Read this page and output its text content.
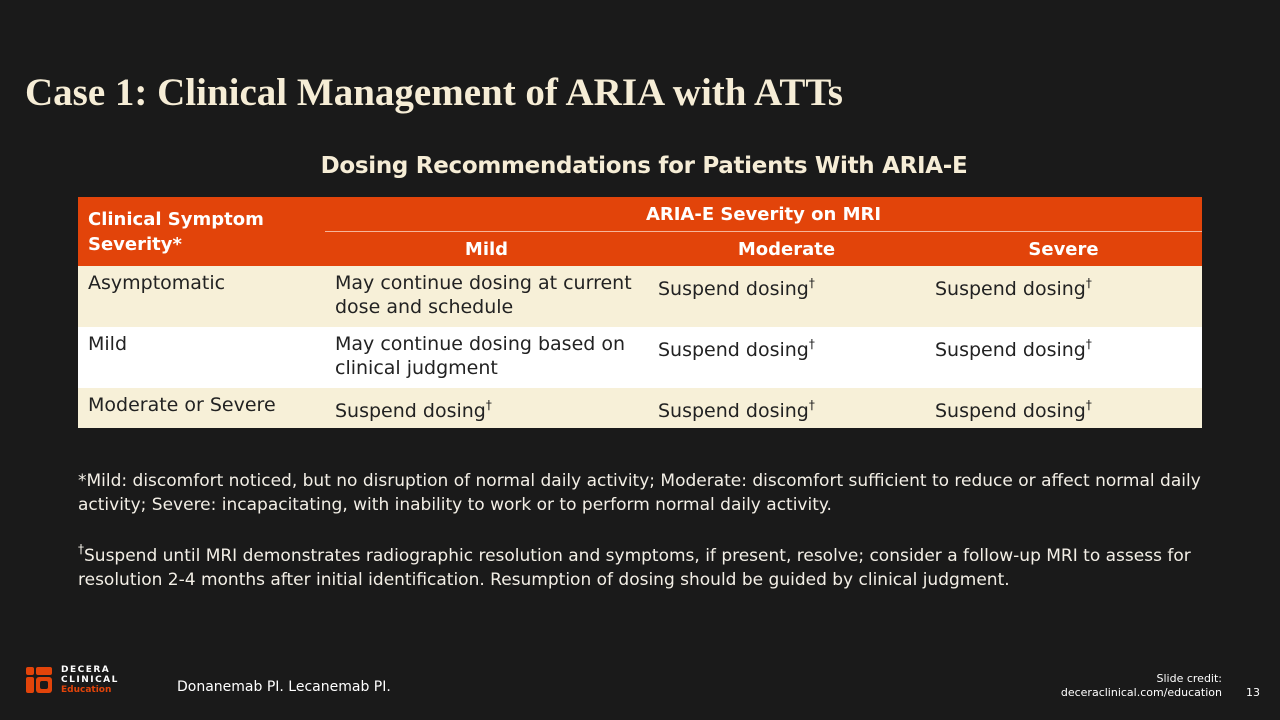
Case 1: Clinical Management of ARIA with ATTs
Dosing Recommendations for Patients With ARIA-E
Clinical Symptom Severity*	ARIA-E Severity on MRI		
	Mild	Moderate	Severe
Asymptomatic	May continue dosing at current dose and schedule	Suspend dosing†	Suspend dosing†
Mild	May continue dosing based on clinical judgment	Suspend dosing†	Suspend dosing†
Moderate or Severe	Suspend dosing†	Suspend dosing†	Suspend dosing†
*Mild: discomfort noticed, but no disruption of normal daily activity; Moderate: discomfort sufficient to reduce or affect normal daily activity; Severe: incapacitating, with inability to work or to perform normal daily activity.
†Suspend until MRI demonstrates radiographic resolution and symptoms, if present, resolve; consider a follow-up MRI to assess for resolution 2-4 months after initial identification. Resumption of dosing should be guided by clinical judgment.
DECERA
CLINICAL
Education	Donanemab PI. Lecanemab PI.
Slide credit:
deceraclinical.com/education 13
